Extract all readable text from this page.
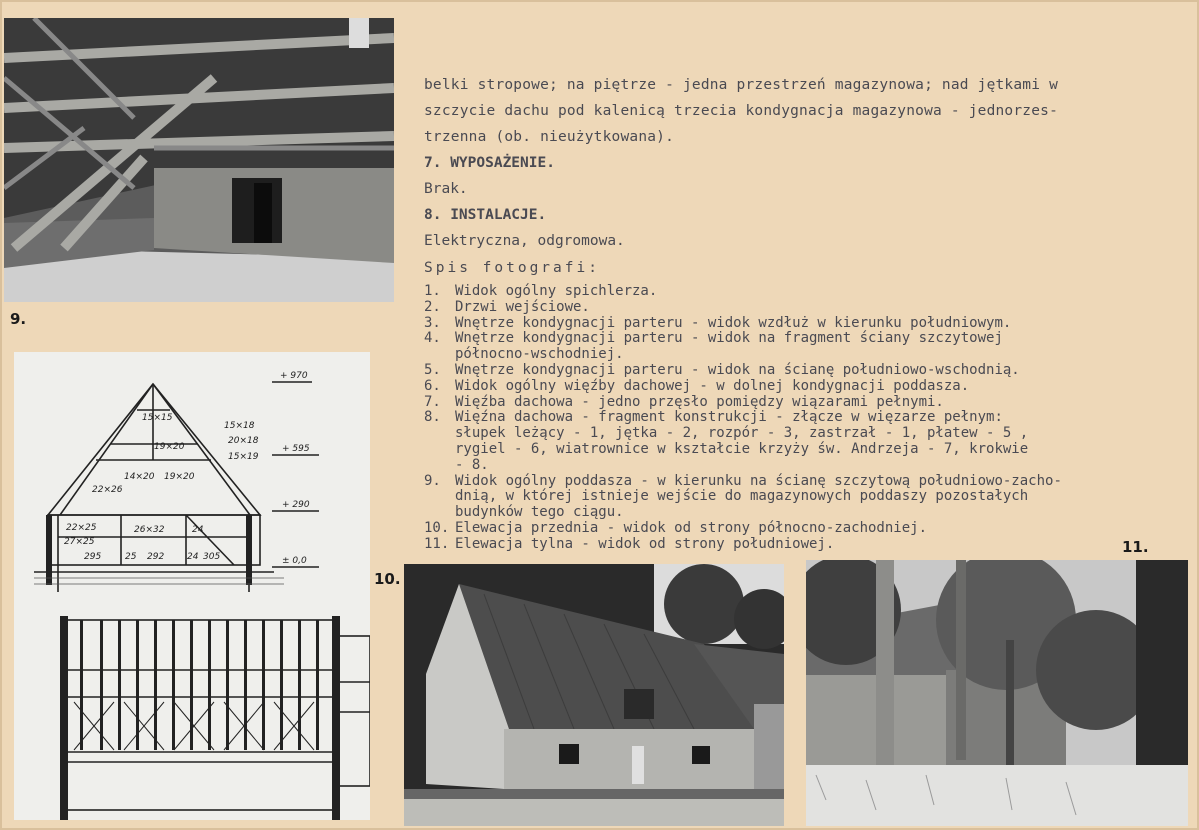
9.
+ 970
+ 595
+ 290
± 0,0
15×15
15×18
19×20
20×18
15×19
14×20 19×20
22×26
22×25	26×32
27×25
24
295	25 292	24 305

belki stropowe; na piętrze - jedna przestrzeń magazynowa; nad jętkami w

szczycie dachu pod kalenicą trzecia kondygnacja magazynowa - jednorzes-

trzenna (ob. nieużytkowana).

7. WYPOSAŻENIE.

Brak.

8. INSTALACJE.

Elektryczna, odgromowa.

Spis fotografi:

1.	Widok ogólny spichlerza.
2.	Drzwi wejściowe.
3.	Wnętrze kondygnacji parteru - widok wzdłuż w kierunku południowym.
4.	Wnętrze kondygnacji parteru - widok na fragment ściany szczytowej
północno-wschodniej.
5.	Wnętrze kondygnacji parteru - widok na ścianę południowo-wschodnią.
6.	Widok ogólny więźby dachowej - w dolnej kondygnacji poddasza.
7.	Więźba dachowa - jedno przęsło pomiędzy wiązarami pełnymi.
8.	Więźna dachowa - fragment konstrukcji - złącze w więzarze pełnym:
słupek leżący - 1, jętka - 2, rozpór - 3, zastrzał - 1, płatew - 5 ,
rygiel - 6, wiatrownice w kształcie krzyży św. Andrzeja - 7, krokwie
- 8.
9.	Widok ogólny poddasza - w kierunku na ścianę szczytową południowo-zacho-
dnią, w której istnieje wejście do magazynowych poddaszy pozostałych
budynków tego ciągu.
10. Elewacja przednia - widok od strony północno-zachodniej.
11. Elewacja tylna - widok od strony południowej.
10.
11.
